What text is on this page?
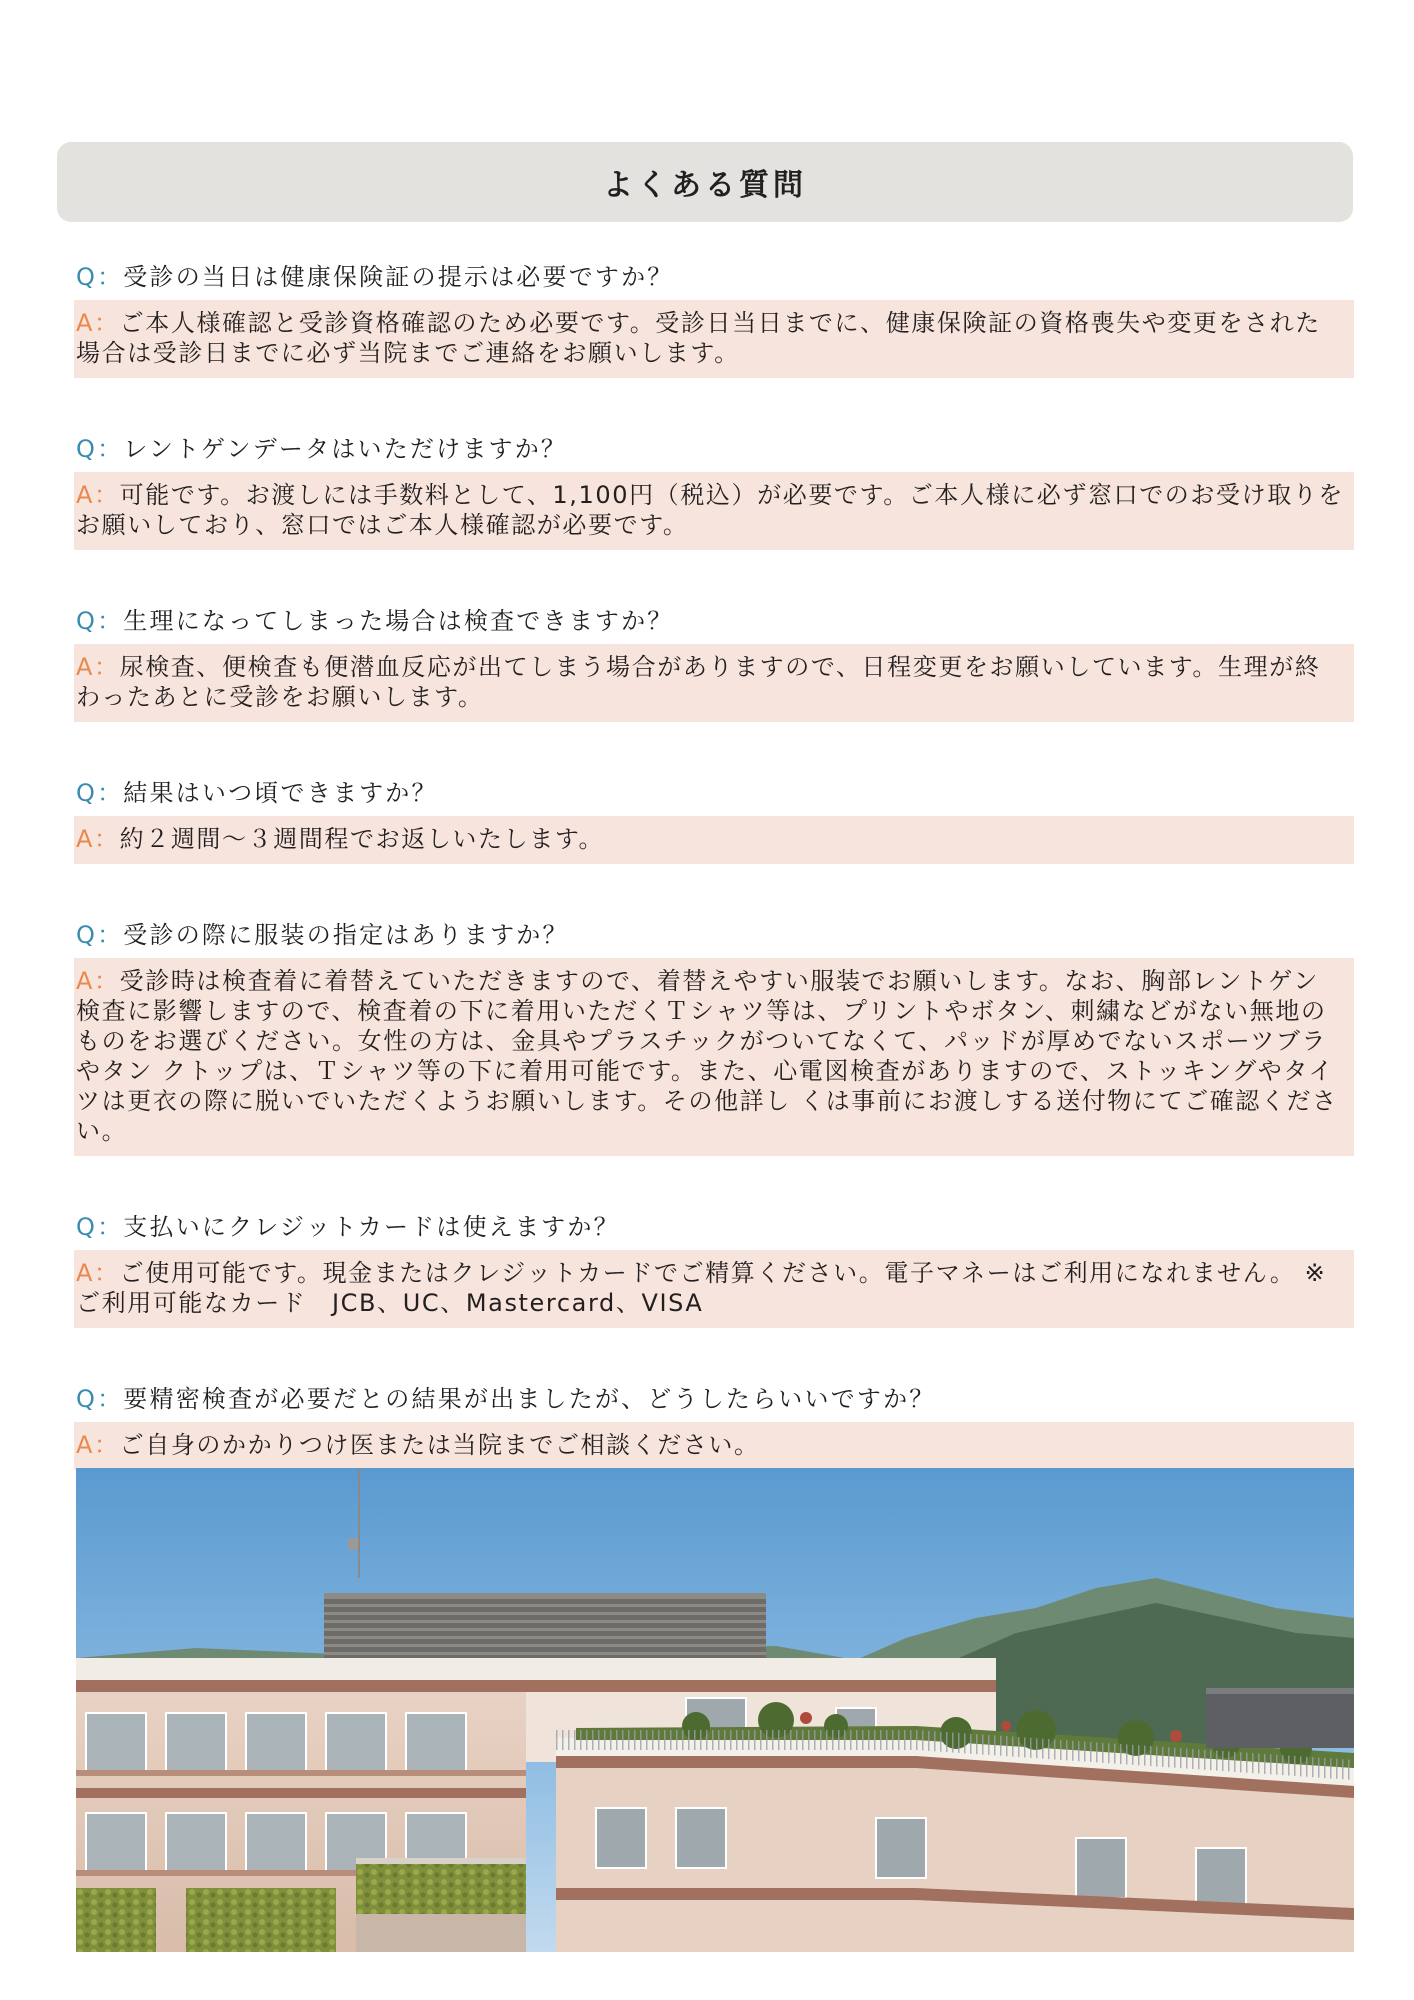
よくある質問
Q：受診の当日は健康保険証の提示は必要ですか？
A：ご本人様確認と受診資格確認のため必要です。受診日当日までに、健康保険証の資格喪失や変更をされた場合は受診日までに必ず当院までご連絡をお願いします。
Q：レントゲンデータはいただけますか？
A：可能です。お渡しには手数料として、1,100円（税込）が必要です。ご本人様に必ず窓口でのお受け取りをお願いしており、窓口ではご本人様確認が必要です。
Q：生理になってしまった場合は検査できますか？
A：尿検査、便検査も便潜血反応が出てしまう場合がありますので、日程変更をお願いしています。生理が終わったあとに受診をお願いします。
Q：結果はいつ頃できますか？
A：約２週間～３週間程でお返しいたします。
Q：受診の際に服装の指定はありますか？
A：受診時は検査着に着替えていただきますので、着替えやすい服装でお願いします。なお、胸部レントゲン検査に影響しますので、検査着の下に着用いただくＴシャツ等は、プリントやボタン、刺繍などがない無地のものをお選びください。女性の方は、金具やプラスチックがついてなくて、パッドが厚めでないスポーツブラやタン クトップは、Ｔシャツ等の下に着用可能です。また、心電図検査がありますので、ストッキングやタイツは更衣の際に脱いでいただくようお願いします。その他詳し くは事前にお渡しする送付物にてご確認ください。
Q：支払いにクレジットカードは使えますか？
A：ご使用可能です。現金またはクレジットカードでご精算ください。電子マネーはご利用になれません。 ※ご利用可能なカード　JCB、UC、Mastercard、VISA
Q：要精密検査が必要だとの結果が出ましたが、どうしたらいいですか？
A：ご自身のかかりつけ医または当院までご相談ください。
